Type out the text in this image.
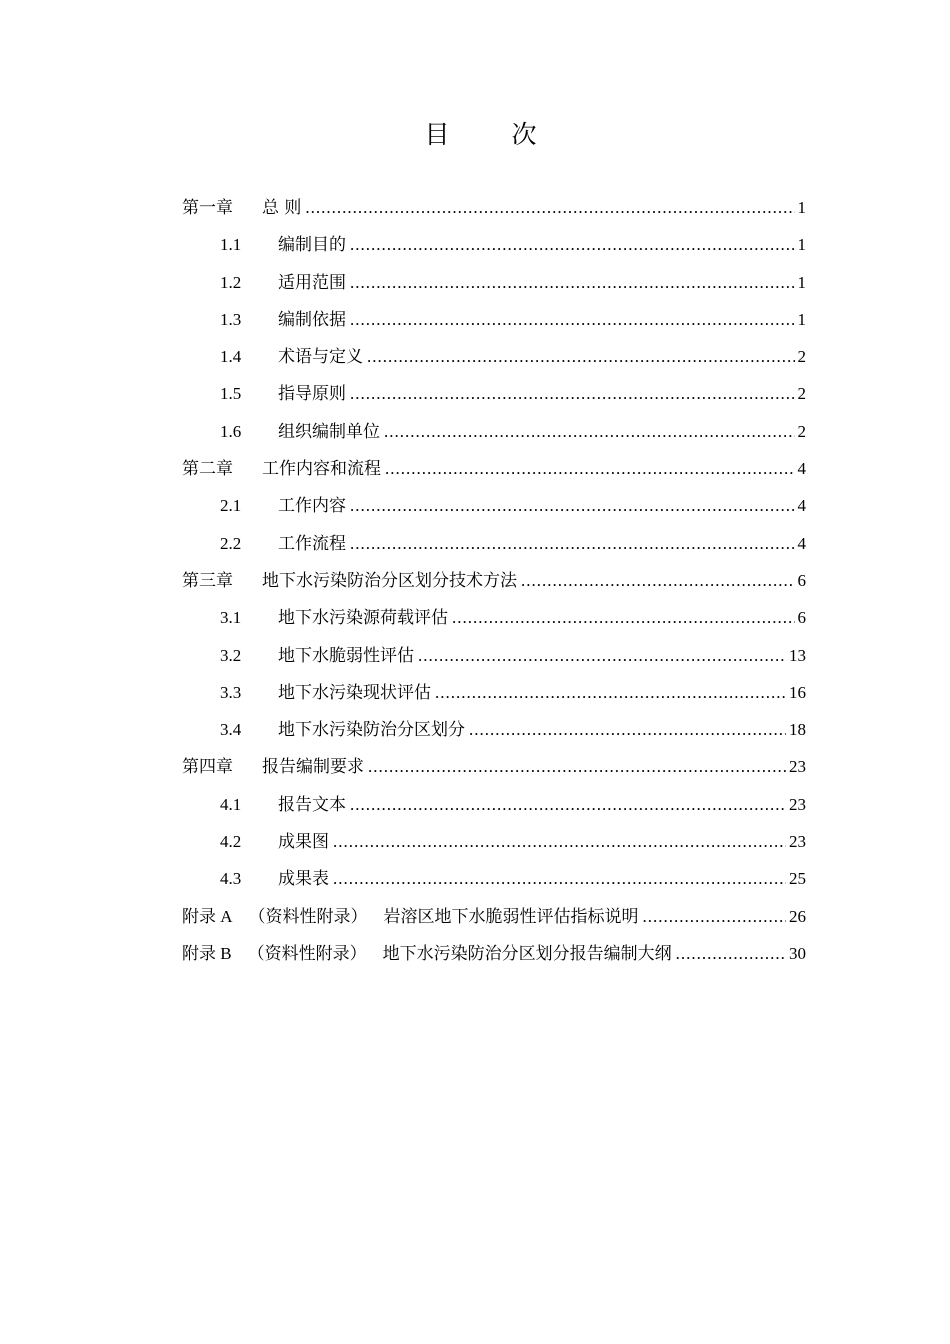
目 次
第一章	总 则 .....	1
1.1	编制目的 .....	1
1.2	适用范围 .....	1
1.3	编制依据 .....	1
1.4	术语与定义 .....	2
1.5	指导原则 .....	2
1.6	组织编制单位 .....	2
第二章	工作内容和流程 .....	4
2.1	工作内容 .....	4
2.2	工作流程 .....	4
第三章	地下水污染防治分区划分技术方法 .....	6
3.1	地下水污染源荷载评估 .....	6
3.2	地下水脆弱性评估 .....	13
3.3	地下水污染现状评估 .....	16
3.4	地下水污染防治分区划分 .....	18
第四章	报告编制要求 .....	23
4.1	报告文本 .....	23
4.2	成果图 .....	23
4.3	成果表 .....	25
附录 A （资料性附录） 岩溶区地下水脆弱性评估指标说明 .....	26
附录 B （资料性附录） 地下水污染防治分区划分报告编制大纲 .....	30
